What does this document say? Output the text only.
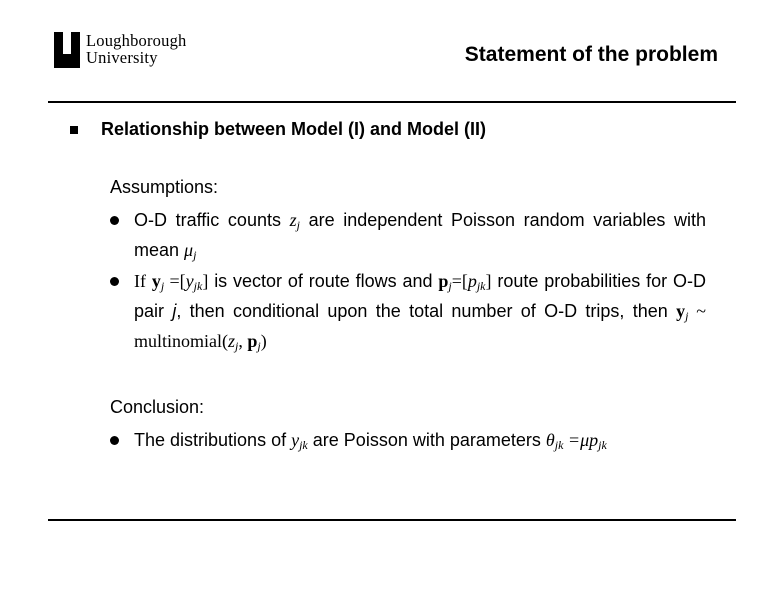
Loughborough
University	Statement of the problem
Relationship between Model (I) and Model (II)
Assumptions:
O-D traffic counts $z_j$ are independent Poisson random variables with mean $\mu_j$
If $y_j =[y_{jk}]$ is vector of route flows and $p_j=[p_{jk}]$ route probabilities for O-D pair j, then conditional upon the total number of O-D trips, then $y_j$ ~ $multinomial(z_j$, $p_j$)
Conclusion:
The distributions of $y_{jk}$ are Poisson with parameters $\theta_{jk} =\mu p_{jk}$
